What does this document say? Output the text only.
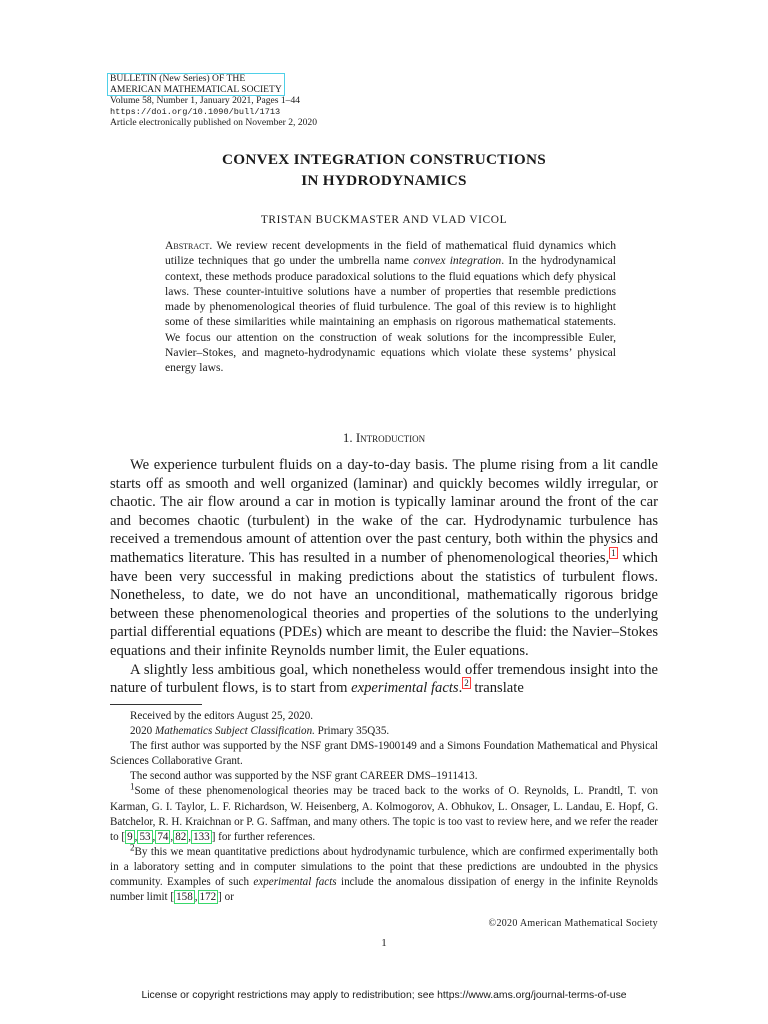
BULLETIN (New Series) OF THE
AMERICAN MATHEMATICAL SOCIETY
Volume 58, Number 1, January 2021, Pages 1–44
https://doi.org/10.1090/bull/1713
Article electronically published on November 2, 2020
CONVEX INTEGRATION CONSTRUCTIONS
IN HYDRODYNAMICS
TRISTAN BUCKMASTER AND VLAD VICOL
Abstract. We review recent developments in the field of mathematical fluid dynamics which utilize techniques that go under the umbrella name convex integration. In the hydrodynamical context, these methods produce paradoxical solutions to the fluid equations which defy physical laws. These counter-intuitive solutions have a number of properties that resemble predictions made by phenomenological theories of fluid turbulence. The goal of this review is to highlight some of these similarities while maintaining an emphasis on rigorous mathematical statements. We focus our attention on the construction of weak solutions for the incompressible Euler, Navier–Stokes, and magneto-hydrodynamic equations which violate these systems’ physical energy laws.
1. Introduction

We experience turbulent fluids on a day-to-day basis. The plume rising from a lit candle starts off as smooth and well organized (laminar) and quickly becomes wildly irregular, or chaotic. The air flow around a car in motion is typically laminar around the front of the car and becomes chaotic (turbulent) in the wake of the car. Hydrodynamic turbulence has received a tremendous amount of attention over the past century, both within the physics and mathematics literature. This has resulted in a number of phenomenological theories, $^1$ which have been very successful in making predictions about the statistics of turbulent flows. Nonetheless, to date, we do not have an unconditional, mathematically rigorous bridge between these phenomenological theories and properties of the solutions to the underlying partial differential equations (PDEs) which are meant to describe the fluid: the Navier–Stokes equations and their infinite Reynolds number limit, the Euler equations.

A slightly less ambitious goal, which nonetheless would offer tremendous insight into the nature of turbulent flows, is to start from experimental facts. $^2$ translate

Received by the editors August 25, 2020.

2020 Mathematics Subject Classification. Primary 35Q35.

The first author was supported by the NSF grant DMS-1900149 and a Simons Foundation Mathematical and Physical Sciences Collaborative Grant.

The second author was supported by the NSF grant CAREER DMS–1911413.

$^1$Some of these phenomenological theories may be traced back to the works of O. Reynolds, L. Prandtl, T. von Karman, G. I. Taylor, L. F. Richardson, W. Heisenberg, A. Kolmogorov, A. Obhukov, L. Onsager, L. Landau, E. Hopf, G. Batchelor, R. H. Kraichnan or P. G. Saffman, and many others. The topic is too vast to review here, and we refer the reader to [ 9 , 53 , 74 , 82 , 133 ] for further references.

$^2$By this we mean quantitative predictions about hydrodynamic turbulence, which are confirmed experimentally both in a laboratory setting and in computer simulations to the point that these predictions are undoubted in the physics community. Examples of such experimental facts include the anomalous dissipation of energy in the infinite Reynolds number limit [ 158 , 172 ] or

©2020 American Mathematical Society
1
License or copyright restrictions may apply to redistribution; see https://www.ams.org/journal-terms-of-use
